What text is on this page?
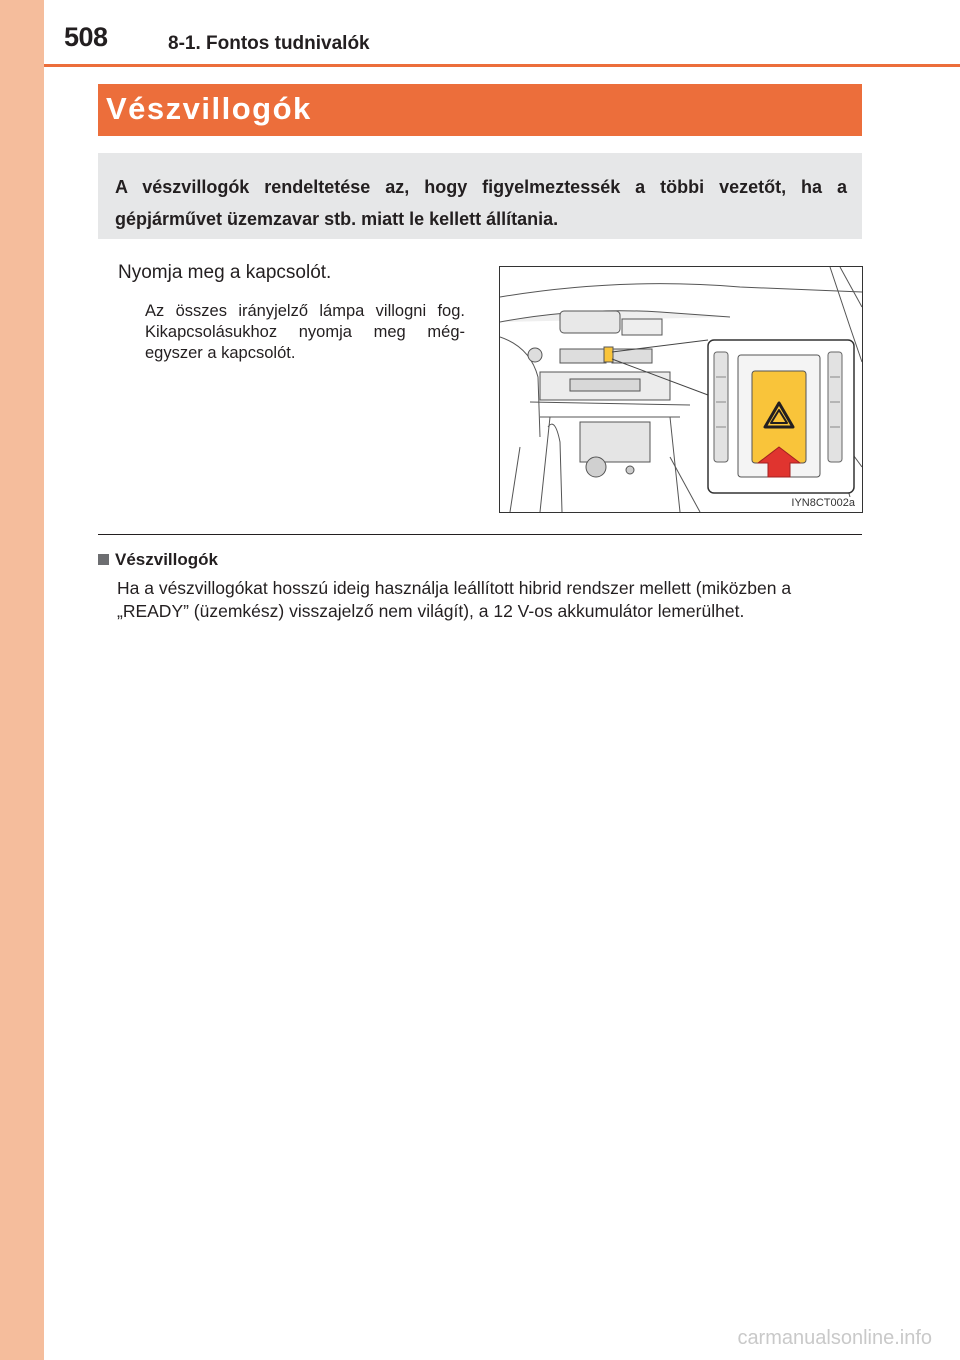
508	8-1. Fontos tudnivalók
Vészvillogók

A vészvillogók rendeltetése az, hogy figyelmeztessék a többi vezetőt, ha a gépjárművet üzemzavar stb. miatt le kellett állítania.

Nyomja meg a kapcsolót.

Az összes irányjelző lámpa villogni fog. Kikapcsolásukhoz nyomja meg még-egyszer a kapcsolót.

IYN8CT002a
Vészvillogók

Ha a vészvillogókat hosszú ideig használja leállított hibrid rendszer mellett (miközben a „READY” (üzemkész) visszajelző nem világít), a 12 V-os akkumulátor lemerülhet.

carmanualsonline.info
